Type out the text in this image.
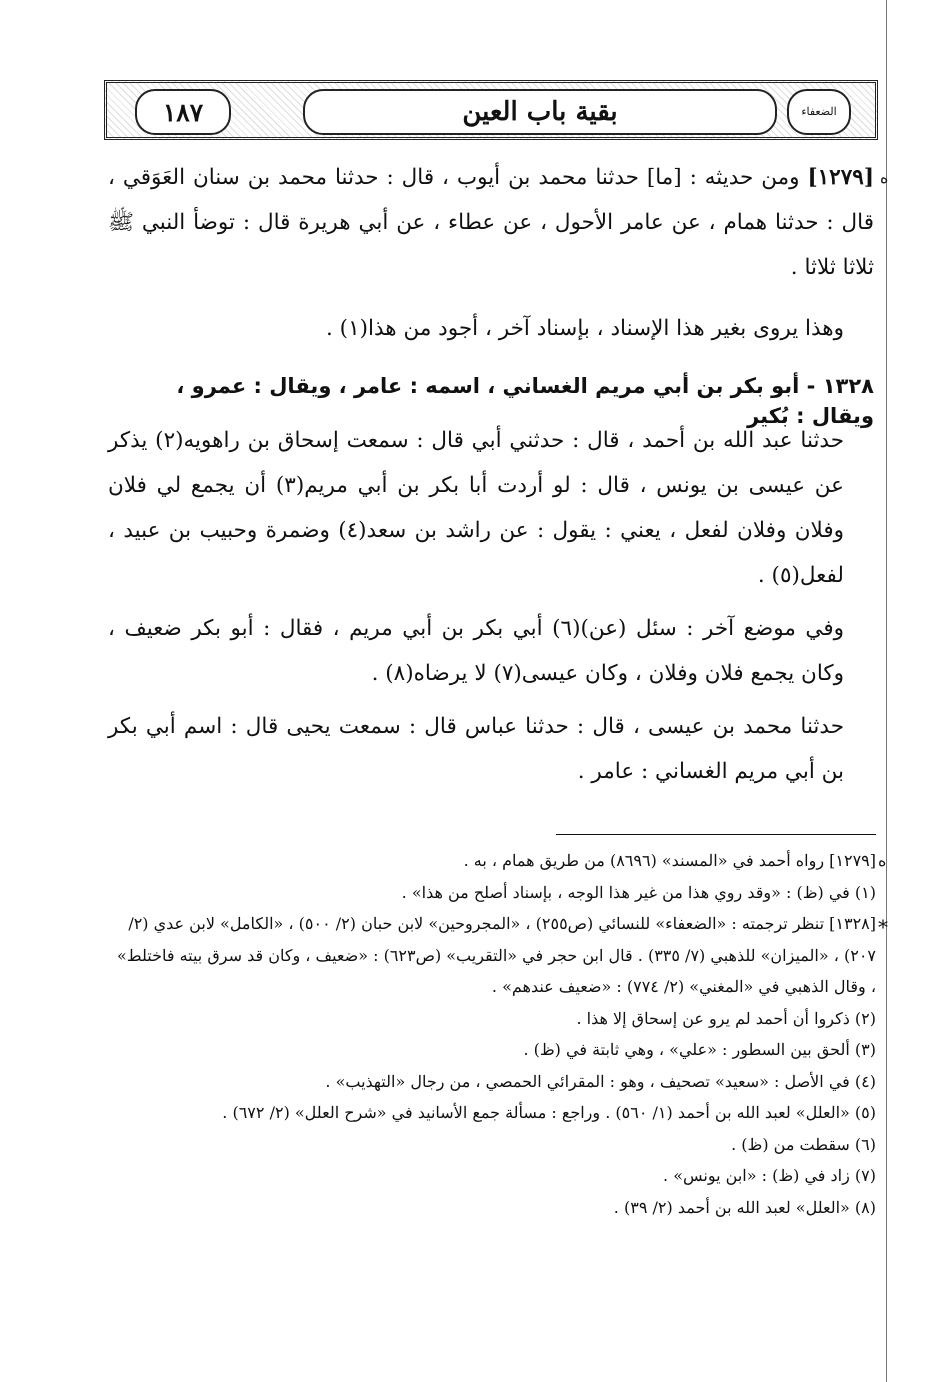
١٨٧	بقية باب العين	الضعفاء
ه

[١٢٧٩] ومن حديثه : [ما] حدثنا محمد بن أيوب ، قال : حدثنا محمد بن سنان العَوَقي ، قال : حدثنا همام ، عن عامر الأحول ، عن عطاء ، عن أبي هريرة قال : توضأ النبي ﷺ ثلاثا ثلاثا .

وهذا يروى بغير هذا الإسناد ، بإسناد آخر ، أجود من هذا(١) .

١٣٢٨ - أبو بكر بن أبي مريم الغساني ، اسمه : عامر ، ويقال : عمرو ، ويقال : بُكير

حدثنا عبد الله بن أحمد ، قال : حدثني أبي قال : سمعت إسحاق بن راهويه(٢) يذكر عن عيسى بن يونس ، قال : لو أردت أبا بكر بن أبي مريم(٣) أن يجمع لي فلان وفلان وفلان لفعل ، يعني : يقول : عن راشد بن سعد(٤) وضمرة وحبيب بن عبيد ، لفعل(٥) .

وفي موضع آخر : سئل (عن)(٦) أبي بكر بن أبي مريم ، فقال : أبو بكر ضعيف ، وكان يجمع فلان وفلان ، وكان عيسى(٧) لا يرضاه(٨) .

حدثنا محمد بن عيسى ، قال : حدثنا عباس قال : سمعت يحيى قال : اسم أبي بكر بن أبي مريم الغساني : عامر .

ه
*

[١٢٧٩] رواه أحمد في «المسند» (٨٦٩٦) من طريق همام ، به .

(١) في (ظ) : «وقد روي هذا من غير هذا الوجه ، بإسناد أصلح من هذا» .

[١٣٢٨] تنظر ترجمته : «الضعفاء» للنسائي (ص٢٥٥) ، «المجروحين» لابن حبان (٢/ ٥٠٠) ، «الكامل» لابن عدي (٢/ ٢٠٧) ، «الميزان» للذهبي (٧/ ٣٣٥) . قال ابن حجر في «التقريب» (ص٦٢٣) : «ضعيف ، وكان قد سرق بيته فاختلط» ، وقال الذهبي في «المغني» (٢/ ٧٧٤) : «ضعيف عندهم» .

(٢) ذكروا أن أحمد لم يرو عن إسحاق إلا هذا .

(٣) ألحق بين السطور : «علي» ، وهي ثابتة في (ظ) .

(٤) في الأصل : «سعيد» تصحيف ، وهو : المقرائي الحمصي ، من رجال «التهذيب» .

(٥) «العلل» لعبد الله بن أحمد (١/ ٥٦٠) . وراجع : مسألة جمع الأسانيد في «شرح العلل» (٢/ ٦٧٢) .

(٦) سقطت من (ظ) .

(٧) زاد في (ظ) : «ابن يونس» .

(٨) «العلل» لعبد الله بن أحمد (٢/ ٣٩) .
